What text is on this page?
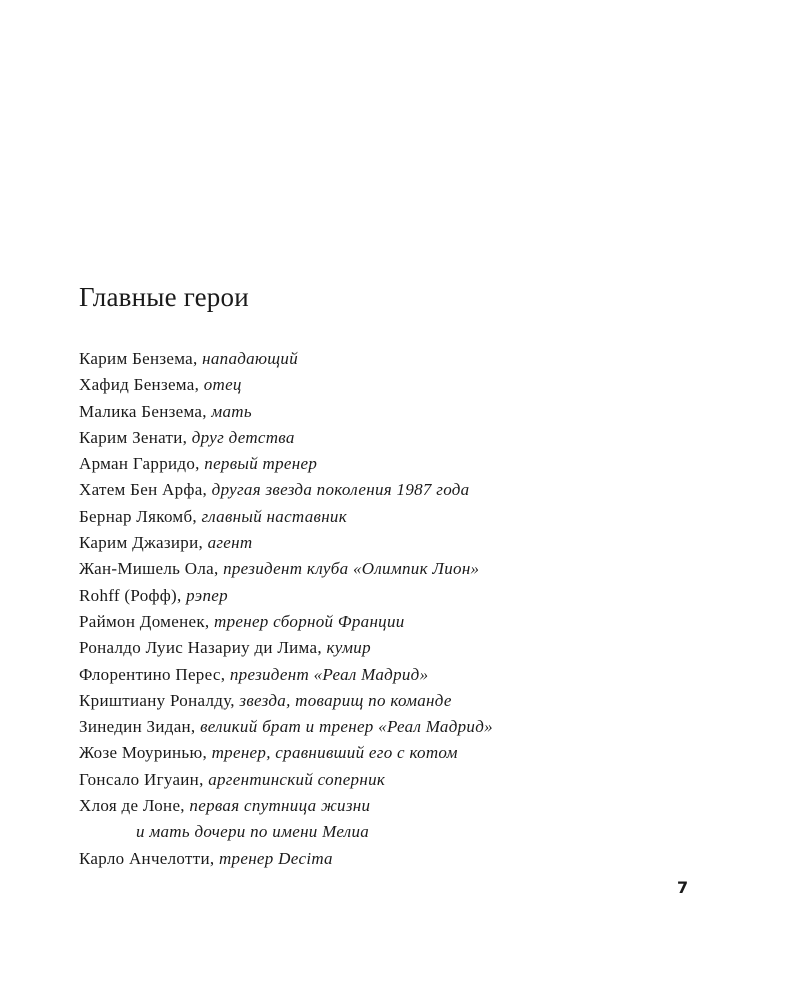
Главные герои
Карим Бензема, нападающий
Хафид Бензема, отец
Малика Бензема, мать
Карим Зенати, друг детства
Арман Гарридо, первый тренер
Хатем Бен Арфа, другая звезда поколения 1987 года
Бернар Лякомб, главный наставник
Карим Джазири, агент
Жан-Мишель Ола, президент клуба «Олимпик Лион»
Rohff (Рофф), рэпер
Раймон Доменек, тренер сборной Франции
Роналдо Луис Назариу ди Лима, кумир
Флорентино Перес, президент «Реал Мадрид»
Криштиану Роналду, звезда, товарищ по команде
Зинедин Зидан, великий брат и тренер «Реал Мадрид»
Жозе Моуринью, тренер, сравнивший его с котом
Гонсало Игуаин, аргентинский соперник
Хлоя де Лоне, первая спутница жизни
и мать дочери по имени Мелиа
Карло Анчелотти, тренер Decima
7
